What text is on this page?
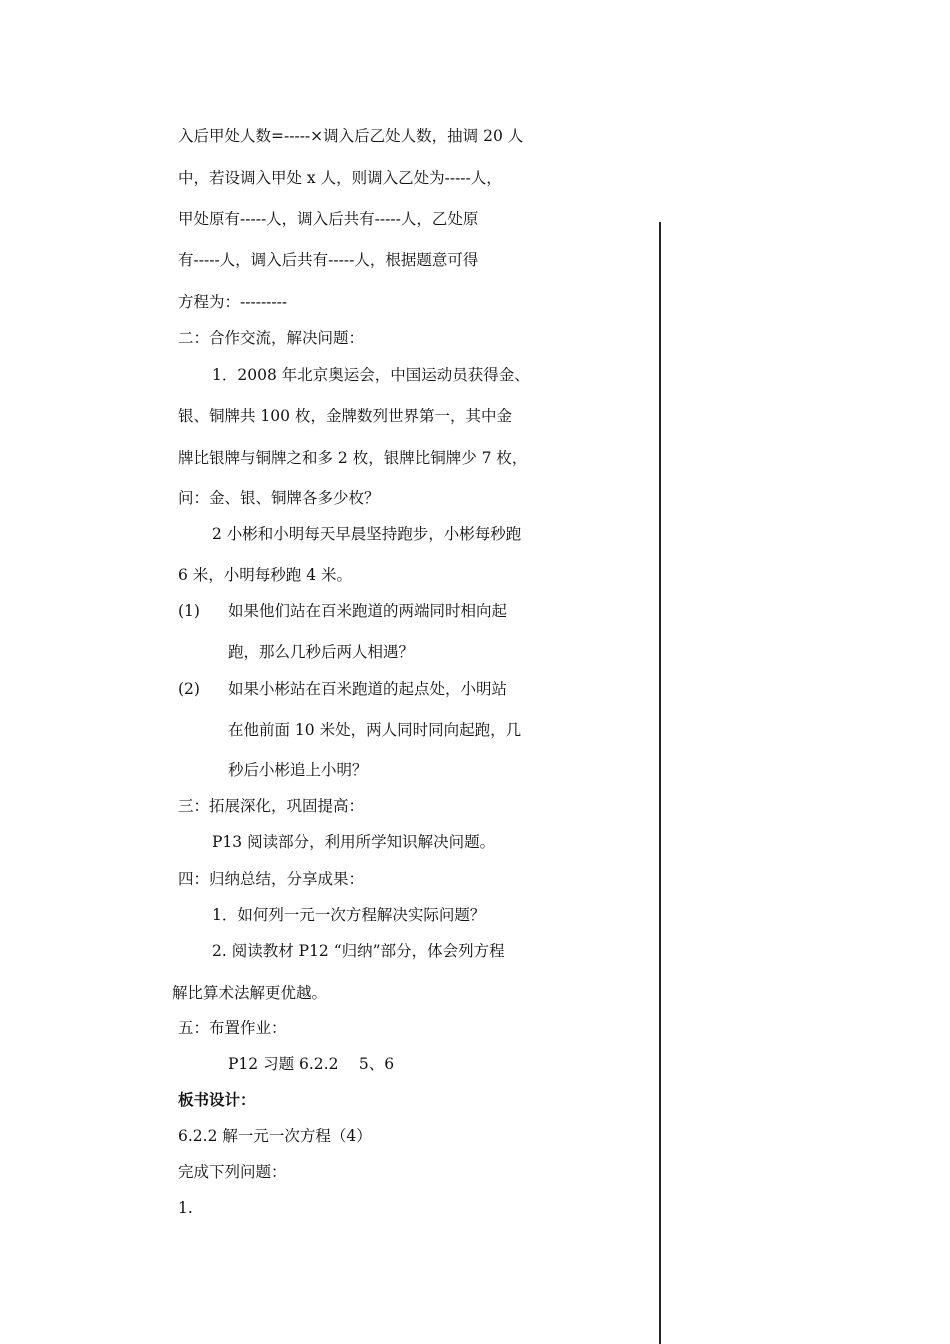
入后甲处人数=-----×调入后乙处人数，抽调 20 人
中，若设调入甲处 x 人，则调入乙处为-----人，
甲处原有-----人，调入后共有-----人，乙处原
有-----人，调入后共有-----人，根据题意可得
方程为：---------
二：合作交流，解决问题：
1．2008 年北京奥运会，中国运动员获得金、
银、铜牌共 100 枚，金牌数列世界第一，其中金
牌比银牌与铜牌之和多 2 枚，银牌比铜牌少 7 枚，
问：金、银、铜牌各多少枚？
2 小彬和小明每天早晨坚持跑步，小彬每秒跑
6 米，小明每秒跑 4 米。
(1) 如果他们站在百米跑道的两端同时相向起
跑，那么几秒后两人相遇？
(2) 如果小彬站在百米跑道的起点处，小明站
在他前面 10 米处，两人同时同向起跑，几
秒后小彬追上小明？
三：拓展深化，巩固提高：
P13 阅读部分，利用所学知识解决问题。
四：归纳总结，分享成果：
1．如何列一元一次方程解决实际问题？
2. 阅读教材 P12 “归纳”部分，体会列方程
解比算术法解更优越。
五：布置作业：
P12 习题 6.2.2　 5、6
板书设计：
6.2.2 解一元一次方程（4）
完成下列问题：
1.
